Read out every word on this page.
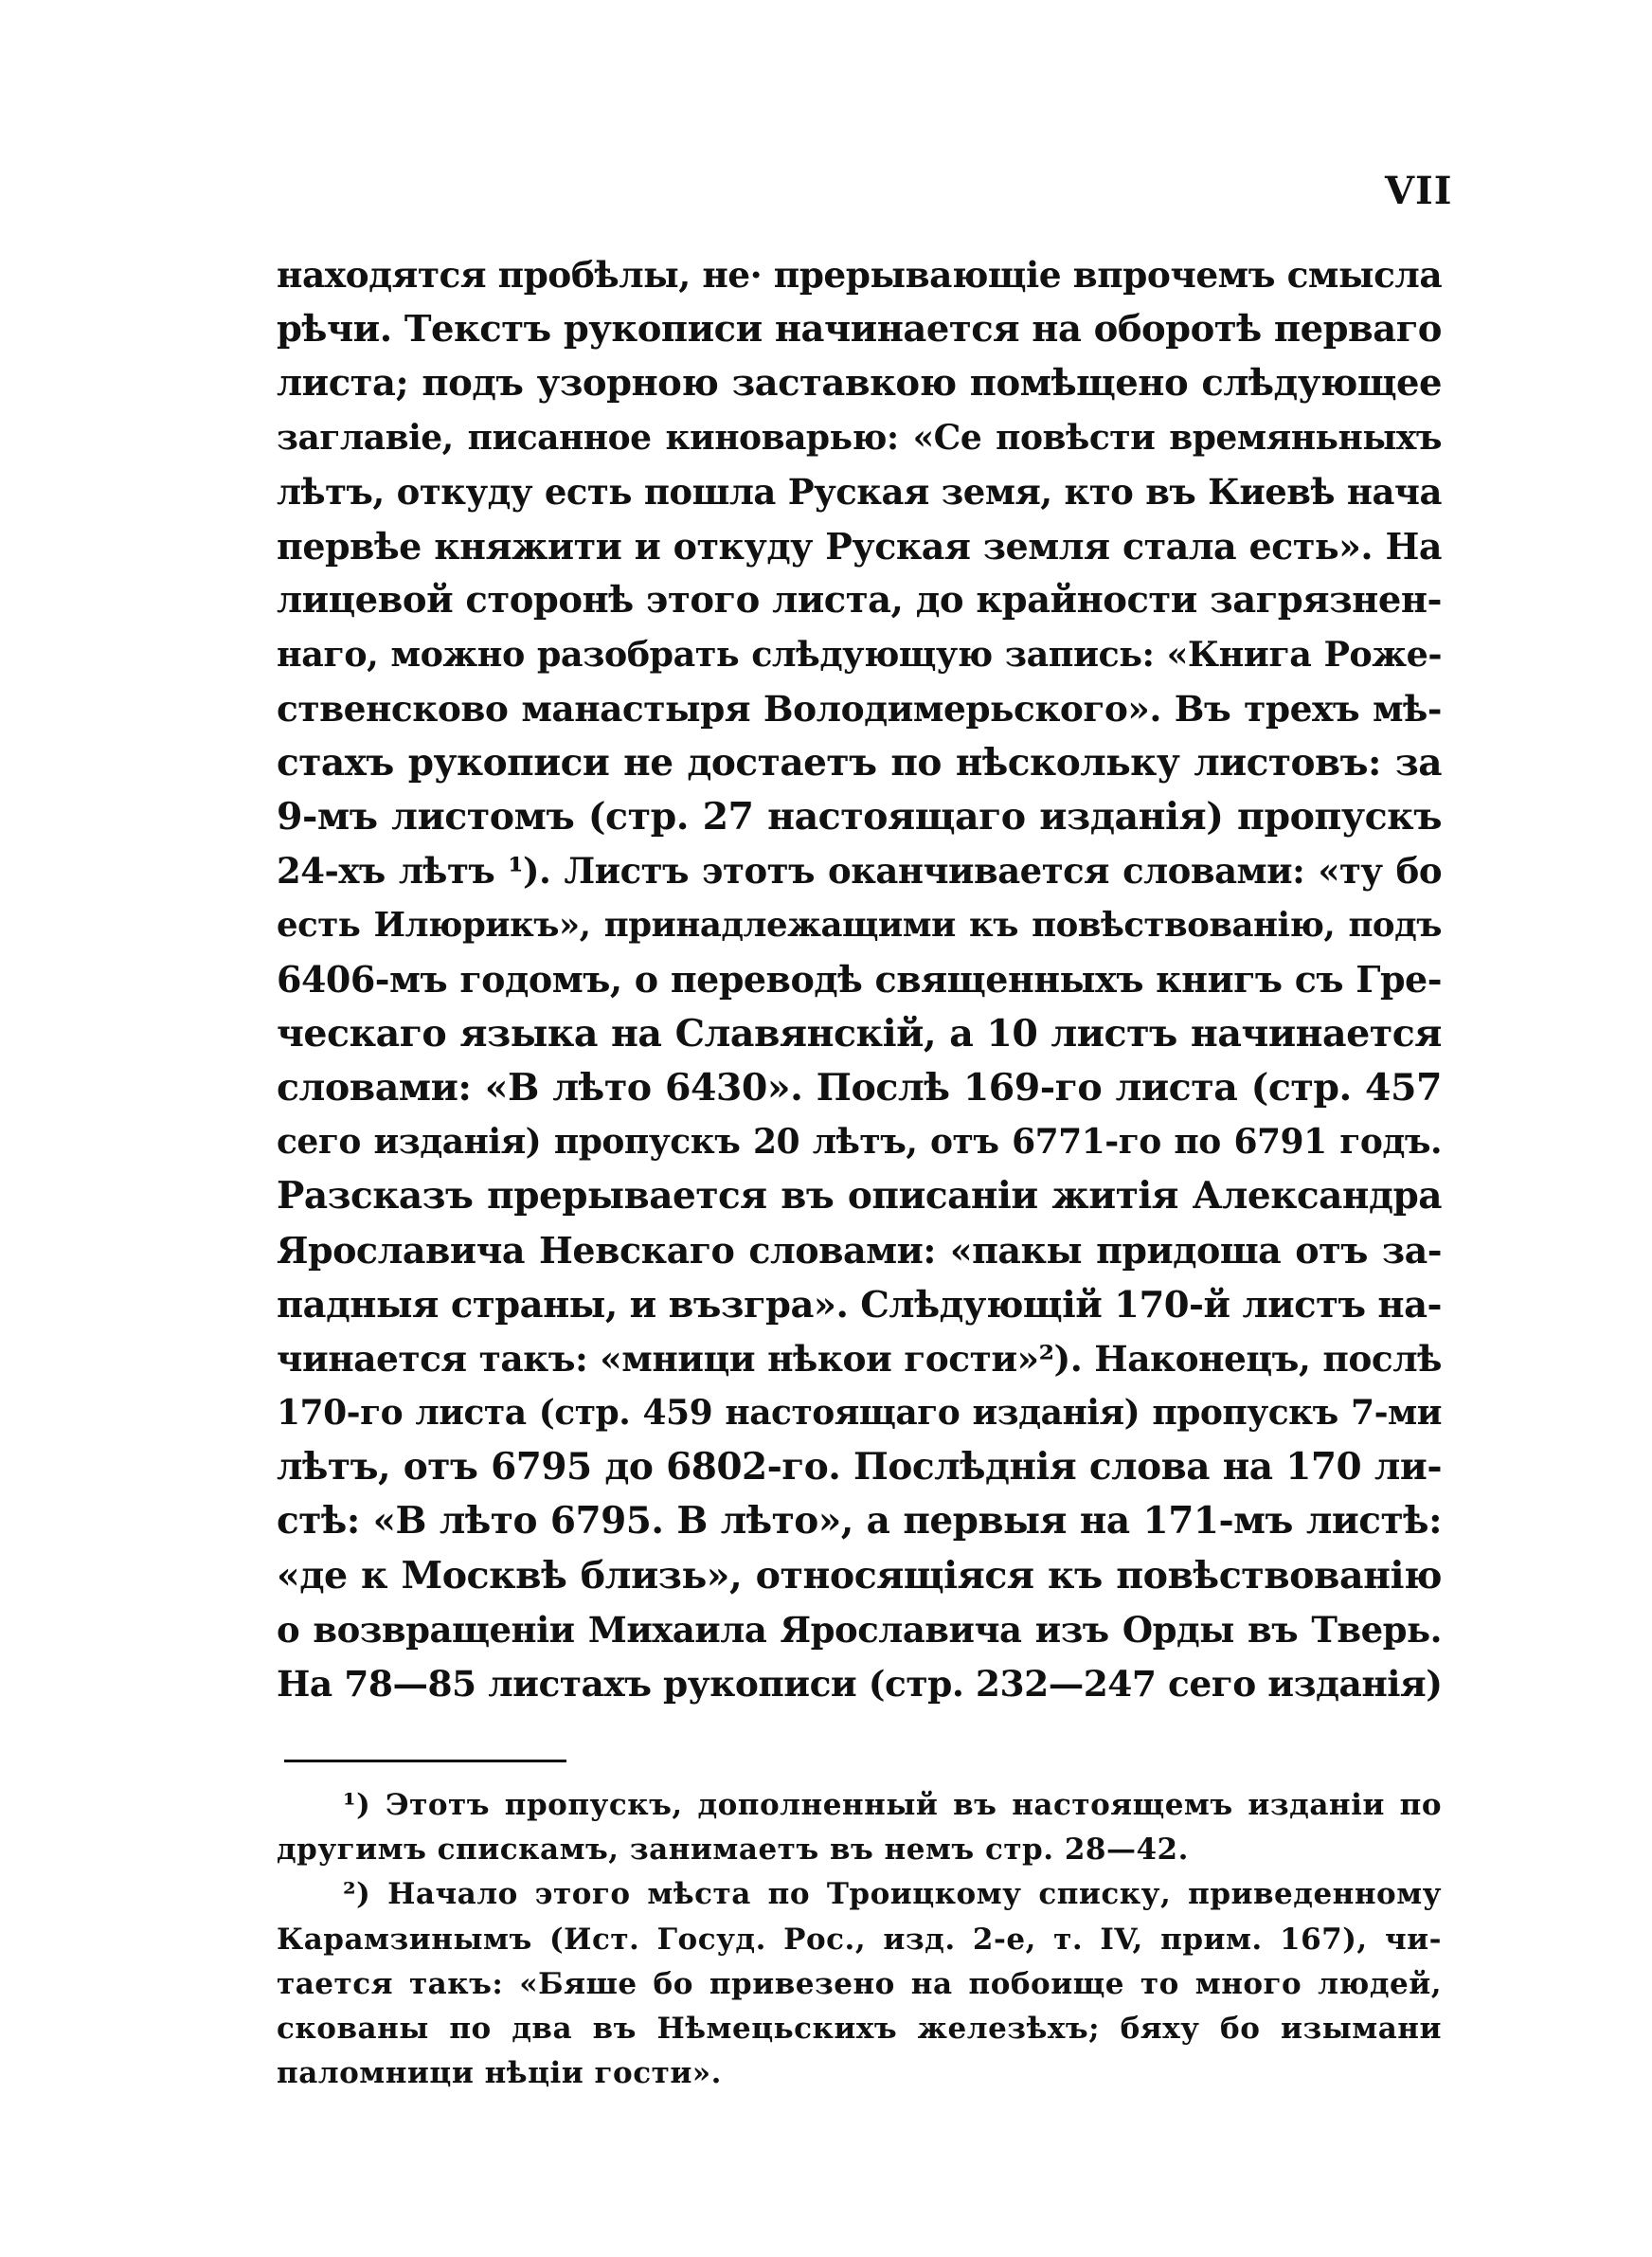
VII
находятся пробѣлы, не· прерывающіе впрочемъ смысла
рѣчи. Текстъ рукописи начинается на оборотѣ перваго
листа; подъ узорною заставкою помѣщено слѣдующее
заглавіе, писанное киноварью: «Се повѣсти времяньныхъ
лѣтъ, откуду есть пошла Руская земя, кто въ Киевѣ нача
первѣе княжити и откуду Руская земля стала есть». На
лицевой сторонѣ этого листа, до крайности загрязнен-
наго, можно разобрать слѣдующую запись: «Книга Роже-
ственсково манастыря Володимерьского». Въ трехъ мѣ-
стахъ рукописи не достаетъ по нѣскольку листовъ: за
9-мъ листомъ (стр. 27 настоящаго изданія) пропускъ
24-хъ лѣтъ ¹). Листъ этотъ оканчивается словами: «ту бо
есть Илюрикъ», принадлежащими къ повѣствованію, подъ
6406-мъ годомъ, о переводѣ священныхъ книгъ съ Гре-
ческаго языка на Славянскій, а 10 листъ начинается
словами: «В лѣто 6430». Послѣ 169-го листа (стр. 457
сего изданія) пропускъ 20 лѣтъ, отъ 6771-го по 6791 годъ.
Разсказъ прерывается въ описаніи житія Александра
Ярославича Невскаго словами: «пакы придоша отъ за-
падныя страны, и възгра». Слѣдующій 170-й листъ на-
чинается такъ: «мници нѣкои гости»²). Наконецъ, послѣ
170-го листа (стр. 459 настоящаго изданія) пропускъ 7-ми
лѣтъ, отъ 6795 до 6802-го. Послѣднія слова на 170 ли-
стѣ: «В лѣто 6795. В лѣто», а первыя на 171-мъ листѣ:
«де к Москвѣ близь», относящіяся къ повѣствованію
о возвращеніи Михаила Ярославича изъ Орды въ Тверь.
На 78—85 листахъ рукописи (стр. 232—247 сего изданія)
¹) Этотъ пропускъ, дополненный въ настоящемъ изданіи по
другимъ спискамъ, занимаетъ въ немъ стр. 28—42.
²) Начало этого мѣста по Троицкому списку, приведенному
Карамзинымъ (Ист. Госуд. Рос., изд. 2-е, т. IV, прим. 167), чи-
тается такъ: «Бяше бо привезено на побоище то много людей,
скованы по два въ Нѣмецьскихъ железѣхъ; бяху бо изымани
паломници нѣціи гости».
